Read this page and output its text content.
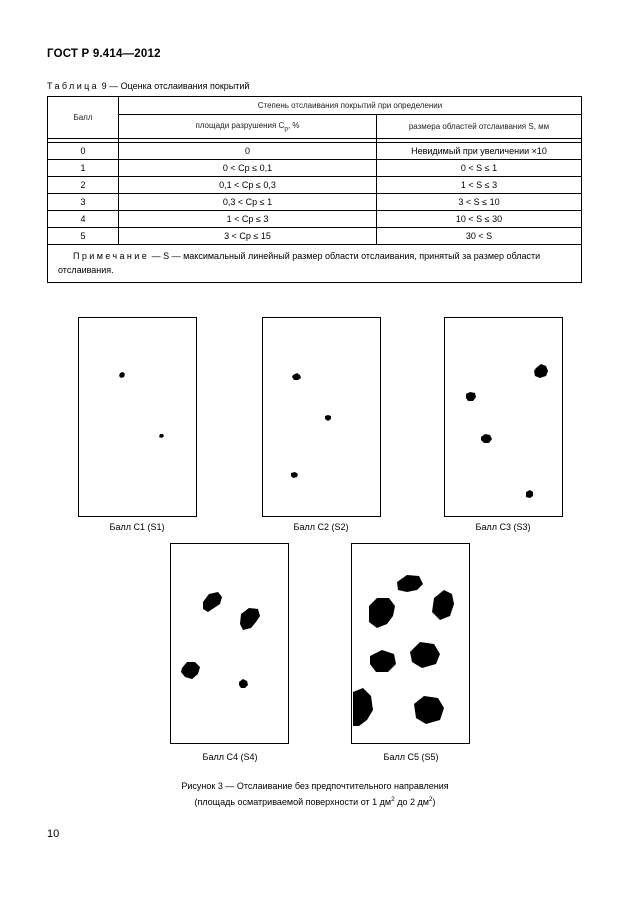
ГОСТ Р 9.414—2012
Таблица 9 — Оценка отслаивания покрытий
Балл	Степень отслаивания покрытий при определении	
	площади разрушения $C_p$, %	размера областей отслаивания S, мм

0	0	Невидимый при увеличении ×10
1	0 < Cp ≤ 0,1	0 < S ≤ 1
2	0,1 < Cp ≤ 0,3	1 < S ≤ 3
3	0,3 < Cp ≤ 1	3 < S ≤ 10
4	1 < Cp ≤ 3	10 < S ≤ 30
5	3 < Cp ≤ 15	30 < S
Примечание — S — максимальный линейный размер области отслаивания, принятый за размер области отслаивания.		
Балл С1 (S1)	Балл С2 (S2)	Балл С3 (S3)
Балл С4 (S4)	Балл С5 (S5)
Рисунок 3 — Отслаивание без предпочтительного направления
(площадь осматриваемой поверхности от 1 $дм^2$ до 2 $дм^2$)
10
